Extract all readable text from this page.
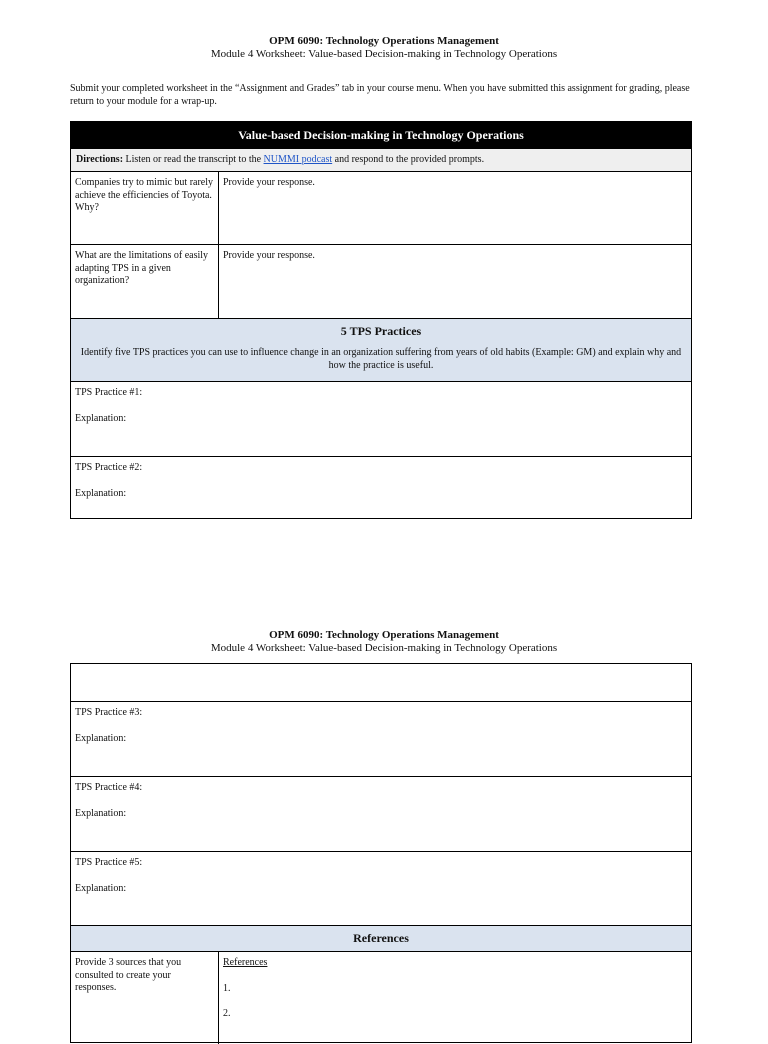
OPM 6090: Technology Operations Management
Module 4 Worksheet: Value-based Decision-making in Technology Operations
Submit your completed worksheet in the “Assignment and Grades” tab in your course menu. When you have submitted this assignment for grading, please return to your module for a wrap-up.
Value-based Decision-making in Technology Operations
Directions: Listen or read the transcript to the NUMMI podcast and respond to the provided prompts.
Companies try to mimic but rarely achieve the efficiencies of Toyota. Why?
Provide your response.
What are the limitations of easily adapting TPS in a given organization?
Provide your response.
5 TPS Practices
Identify five TPS practices you can use to influence change in an organization suffering from years of old habits (Example: GM) and explain why and how the practice is useful.
TPS Practice #1:
Explanation:
TPS Practice #2:
Explanation:
OPM 6090: Technology Operations Management
Module 4 Worksheet: Value-based Decision-making in Technology Operations
TPS Practice #3:
Explanation:
TPS Practice #4:
Explanation:
TPS Practice #5:
Explanation:
References
Provide 3 sources that you consulted to create your responses.
References
1.
2.
